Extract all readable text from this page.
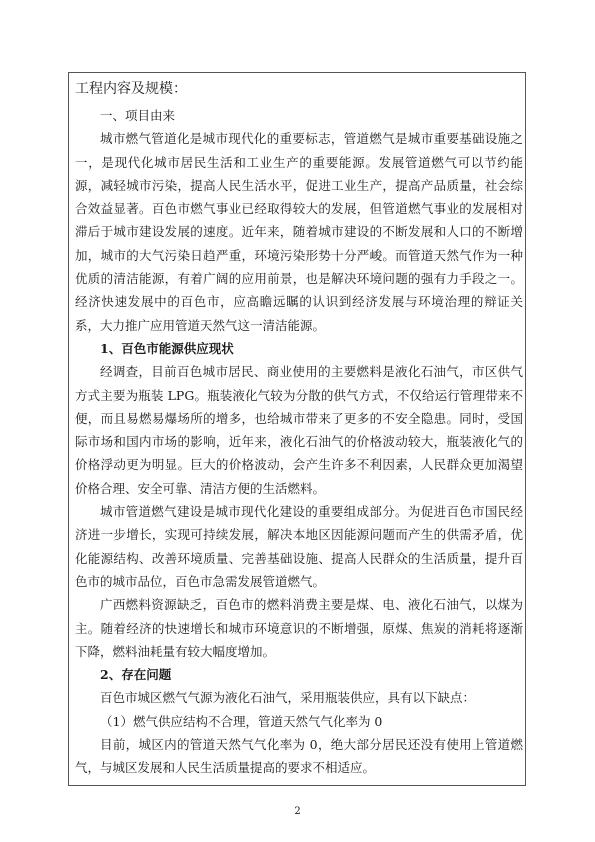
工程内容及规模：

一、项目由来

城市燃气管道化是城市现代化的重要标志，管道燃气是城市重要基础设施之一，是现代化城市居民生活和工业生产的重要能源。发展管道燃气可以节约能源，减轻城市污染，提高人民生活水平，促进工业生产，提高产品质量，社会综合效益显著。百色市燃气事业已经取得较大的发展，但管道燃气事业的发展相对滞后于城市建设发展的速度。近年来，随着城市建设的不断发展和人口的不断增加，城市的大气污染日趋严重，环境污染形势十分严峻。而管道天然气作为一种优质的清洁能源，有着广阔的应用前景，也是解决环境问题的强有力手段之一。经济快速发展中的百色市，应高瞻远瞩的认识到经济发展与环境治理的辩证关系，大力推广应用管道天然气这一清洁能源。

1、百色市能源供应现状

经调查，目前百色城市居民、商业使用的主要燃料是液化石油气，市区供气方式主要为瓶装 LPG。瓶装液化气较为分散的供气方式，不仅给运行管理带来不便，而且易燃易爆场所的增多，也给城市带来了更多的不安全隐患。同时，受国际市场和国内市场的影响，近年来，液化石油气的价格波动较大，瓶装液化气的价格浮动更为明显。巨大的价格波动，会产生许多不利因素，人民群众更加渴望价格合理、安全可靠、清洁方便的生活燃料。

城市管道燃气建设是城市现代化建设的重要组成部分。为促进百色市国民经济进一步增长，实现可持续发展，解决本地区因能源问题而产生的供需矛盾，优化能源结构、改善环境质量、完善基础设施、提高人民群众的生活质量，提升百色市的城市品位，百色市急需发展管道燃气。

广西燃料资源缺乏，百色市的燃料消费主要是煤、电、液化石油气，以煤为主。随着经济的快速增长和城市环境意识的不断增强，原煤、焦炭的消耗将逐渐下降，燃料油耗量有较大幅度增加。

2、存在问题

百色市城区燃气气源为液化石油气，采用瓶装供应，具有以下缺点：

（1）燃气供应结构不合理，管道天然气气化率为 0

目前，城区内的管道天然气气化率为 0，绝大部分居民还没有使用上管道燃气，与城区发展和人民生活质量提高的要求不相适应。

2
